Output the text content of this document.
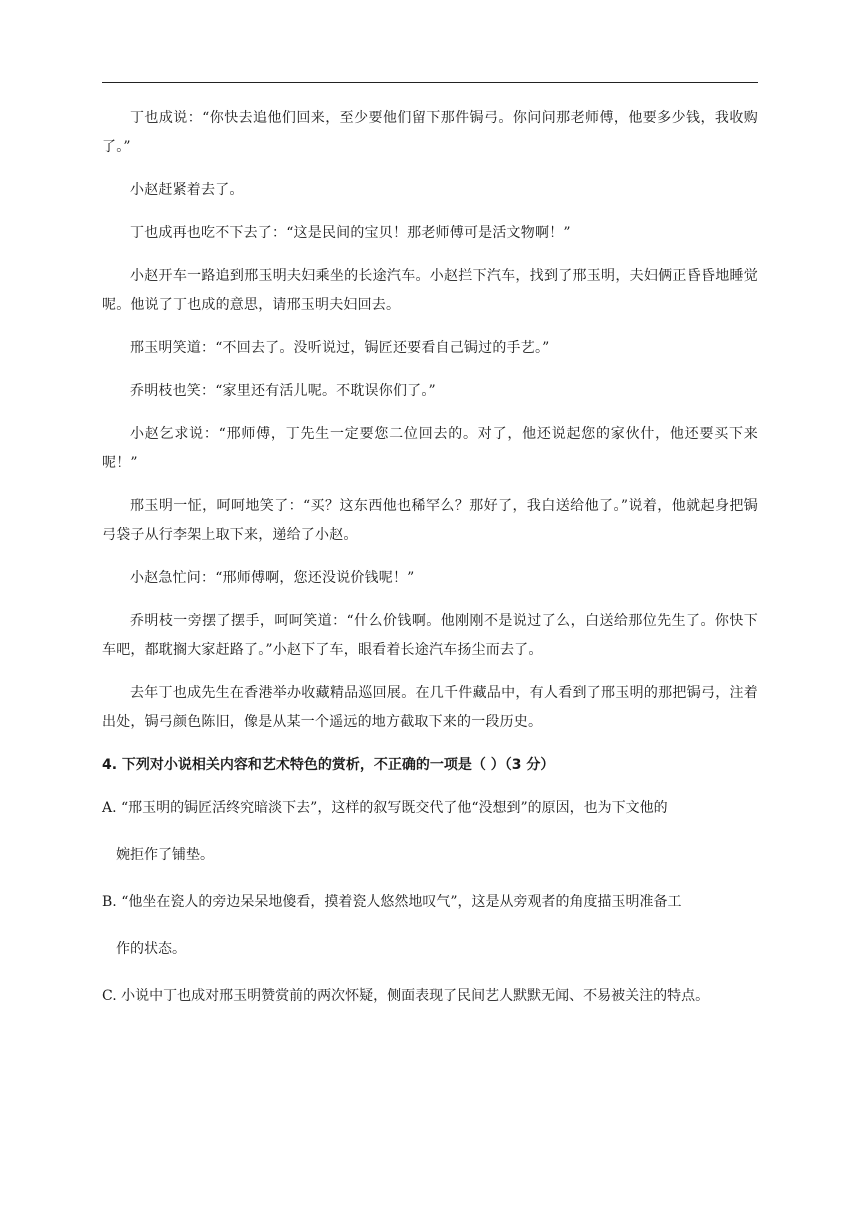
丁也成说：“你快去追他们回来，至少要他们留下那件锔弓。你问问那老师傅，他要多少钱，我收购了。”

小赵赶紧着去了。

丁也成再也吃不下去了：“这是民间的宝贝！那老师傅可是活文物啊！”

小赵开车一路追到邢玉明夫妇乘坐的长途汽车。小赵拦下汽车，找到了邢玉明，夫妇俩正昏昏地睡觉呢。他说了丁也成的意思，请邢玉明夫妇回去。

邢玉明笑道：“不回去了。没听说过，锔匠还要看自己锔过的手艺。”

乔明枝也笑：“家里还有活儿呢。不耽误你们了。”

小赵乞求说：“邢师傅，丁先生一定要您二位回去的。对了，他还说起您的家伙什，他还要买下来呢！”

邢玉明一怔，呵呵地笑了：“买？这东西他也稀罕么？那好了，我白送给他了。”说着，他就起身把锔弓袋子从行李架上取下来，递给了小赵。

小赵急忙问：“邢师傅啊，您还没说价钱呢！”

乔明枝一旁摆了摆手，呵呵笑道：“什么价钱啊。他刚刚不是说过了么，白送给那位先生了。你快下车吧，都耽搁大家赶路了。”小赵下了车，眼看着长途汽车扬尘而去了。

去年丁也成先生在香港举办收藏精品巡回展。在几千件藏品中，有人看到了邢玉明的那把锔弓，注着出处，锔弓颜色陈旧，像是从某一个遥远的地方截取下来的一段历史。

4. 下列对小说相关内容和艺术特色的赏析，不正确的一项是（ ）（3 分）
A. “邢玉明的锔匠活终究暗淡下去”，这样的叙写既交代了他“没想到”的原因，也为下文他的
婉拒作了铺垫。
B. “他坐在瓷人的旁边呆呆地傻看，摸着瓷人悠然地叹气”，这是从旁观者的角度描玉明准备工
作的状态。
C. 小说中丁也成对邢玉明赞赏前的两次怀疑，侧面表现了民间艺人默默无闻、不易被关注的特点。
